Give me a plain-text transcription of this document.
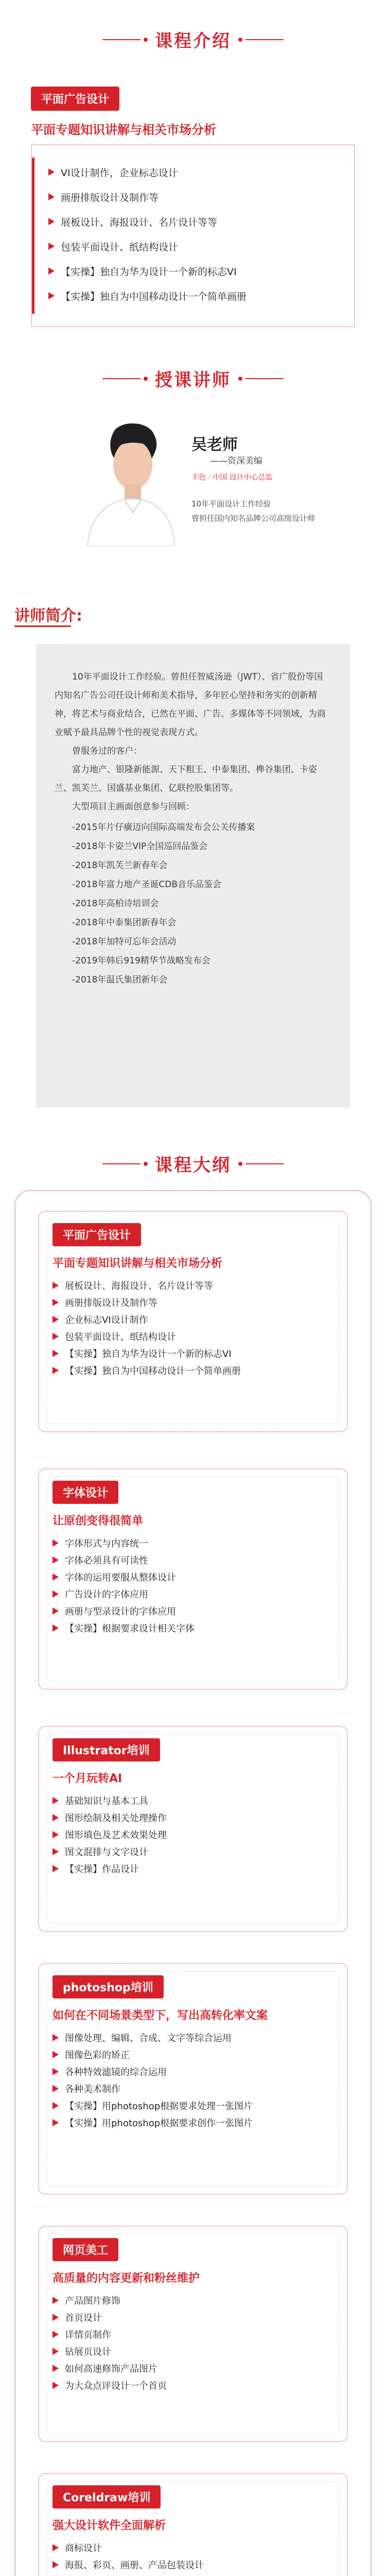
课程介绍
平面广告设计
平面专题知识讲解与相关市场分析
VI设计制作，企业标志设计
画册排版设计及制作等
展板设计、海报设计、名片设计等等
包装平面设计、纸结构设计
【实操】独自为华为设计一个新的标志VI
【实操】独自为中国移动设计一个简单画册
授课讲师
吴老师
——资深美编
丰色 · 中国 设计中心总监
10年平面设计工作经验
曾担任国内知名品牌公司高级设计师
讲师简介:

10年平面设计工作经验。曾担任智威汤逊（JWT）、省广股份等国内知名广告公司任设计师和美术指导，多年匠心坚持和务实的创新精神，将艺术与商业结合，已然在平面、广告、多媒体等不同领域，为商业赋予最具品牌个性的视觉表现方式。

曾服务过的客户：

富力地产、银隆新能源、天下粗王、中泰集团、榫谷集团、卡姿兰、凯芙兰、国盛基业集团、亿联控股集团等。

大型项目主画面创意参与回顾：

-2015年片仔癀迈向国际高端发布会公关传播案
-2018年卡姿兰VIP全国巡回品鉴会
-2018年凯芙兰新春年会
-2018年富力地产圣诞CDB音乐品鉴会
-2018年高柏诗培训会
-2018年中泰集团新春年会
-2018年加特可忘年会活动
-2019年韩后919精华节战略发布会
-2018年温氏集团新年会
课程大纲
平面广告设计
平面专题知识讲解与相关市场分析
展板设计、海报设计、名片设计等等
画册排版设计及制作等
企业标志VI设计制作
包装平面设计、纸结构设计
【实操】独自为华为设计一个新的标志VI
【实操】独自为中国移动设计一个简单画册
字体设计
让原创变得很简单
字体形式与内容统一
字体必须具有可读性
字体的运用要服从整体设计
广告设计的字体应用
画册与型录设计的字体应用
【实操】根据要求设计相关字体
Illustrator培训
一个月玩转AI
基础知识与基本工具
图形绘制及相关处理操作
图形填色及艺术效果处理
图文混排与文字设计
【实操】作品设计
photoshop培训
如何在不同场景类型下，写出高转化率文案
图像处理、编辑、合成、文字等综合运用
图像色彩的矫正
各种特效滤镜的综合运用
各种美术制作
【实操】用photoshop根据要求处理一张图片
【实操】用photoshop根据要求创作一张图片
网页美工
高质量的内容更新和粉丝维护
产品图片修饰
首页设计
详情页制作
钻展页设计
如何高速修饰产品图片
为大众点评设计一个首页
Coreldraw培训
强大设计软件全面解析
商标设计
海报、彩页、画册、产品包装设计
